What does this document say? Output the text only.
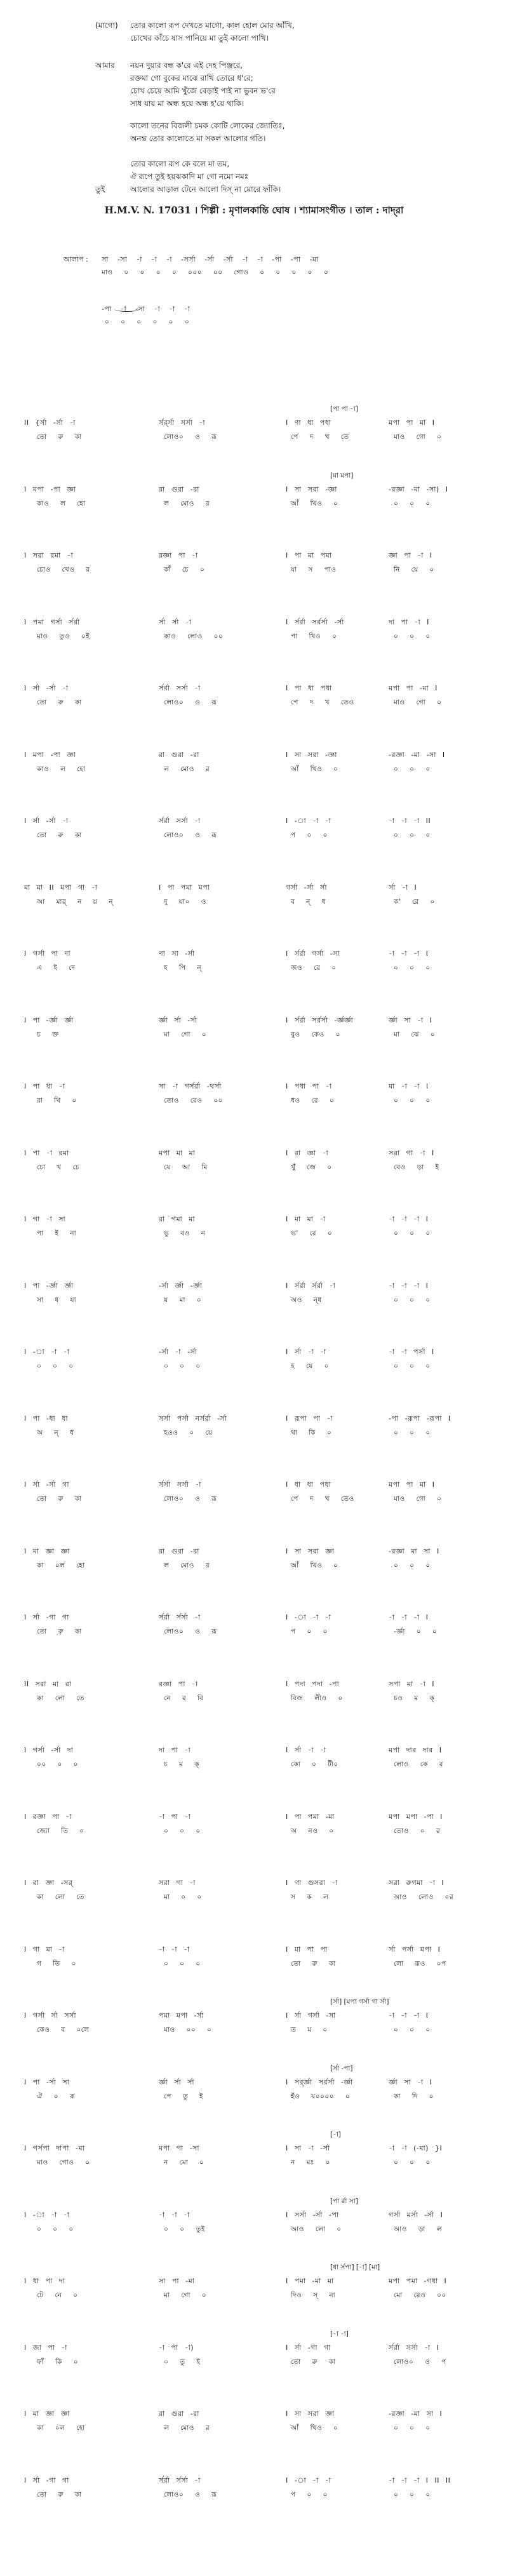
(মাগো) তোর কালো রূপ দেখতে মাগো, কাল হোল মোর আঁখি,
চোখের কাঁচে ষাস পানিয়ে মা তুই কালো পাখি।
আমার নয়ন দুয়ার বন্ধ ক'রে এই দেহ পিঞ্জরে,
রক্তমা গো বুকের মাঝে রাখি তোরে ধ'রে;
চোখ চেয়ে আমি খুঁজে বেড়াই পাই না ভুবন ভ'রে
সাধ যায় মা অন্ধ হয়ে অন্ধ হ'য়ে থাকি।
কালো তনের বিজলী চমক কোটি লোকের জ্যোতিঃ,
অনন্ত তোর কালোতে মা সকল আলোর গতি।
তোর কালো রূপ কে বলে মা তম,
ঐ রূপে তুই হয়ঝকাদি মা গো নমো নমঃ
তুই	আলোর আড়াল টেনে আলো দিস্ না মোরে ফাঁকি।
H.M.V. N. 17031 । শিল্পী : মৃণালকান্তি ঘোষ । শ্যামাসংগীত । তাল : দাদ্‌রা
আলাপ : সা -সা -া -া -া -সর্সা -র্সা -র্সা -া -া -পা -পা -মা
মাও ০ ০ ০ ০ ০০০ ০০ গোও ০ ০ ০ ০ ০
-পা -া -সা -া -া -া
০ ০ ০ ০ ০ ০
[পা পা -া]
II {র্সা -র্সা -া	র্সর্র্সা সর্সা -া	I ণা ধা পধা	মপা পা মা I
তো রু কা	লোও০ ও রূ	পে দ খ তে	মাও গো ০
[মা মপা]
I মপা -পা জ্ঞা	রা গুরা -রা	I সা সরা -জ্ঞা	-রজ্ঞা -মা -সা) I
কাও ল হো	ল মোও র	আঁ খিও ০	০ ০ ০
I সরা রমা -া	রজ্ঞা পা -া	I পা মা পমা	জ্ঞা পা -া I
চোও খেও র	কাঁ চে ০	যা স পাও	নি য়ে ০
I পমা গর্সা র্সর্রা	র্সা র্সা -া	I র্সর্রা সর্রর্সা -র্সা	দা পা -া I
মাও তুও ০ই	কাও লোও ০০	পা খিও ০	০ ০ ০
I র্সা -র্সা -া	র্সর্রা সর্সা -া	I পা ধা পধা	মপা পা -মা I
তো রু কা	লোও০ ও রূ	পে দ খ তেও	মাও গো ০
I মপা -পা জ্ঞা	রা গুরা -রা	I সা সরা -জ্ঞা	-রজ্ঞা -মা -সা I
কাও ল হো	ল মোও র	আঁ খিও ০	০ ০ ০
I র্সা -র্সা -া	র্সর্রা সর্সা -া	I -া -া -া	-া -া -া II
তো রু কা	লোও০ ও রূ	প ০ ০	০ ০ ০
মা মা II মপা গা -া	I পা পমা মপা	গর্সা -র্সা র্সা	র্সা -া I
আ মার্‌ ন য় ন্‌	দু য়া০ ও	ব ন্‌ ধ	ক' রে ০
I গর্সা পা দা	ণা সা -র্সা	I র্সর্রা গর্সা -সা	-া -া -া I
এ ই দে	হ পি ন্‌	জও রে ০	০ ০ ০
I পা -র্জ্ঞা র্জ্ঞা	র্জ্ঞা র্সা -র্সা	I র্সর্রা সর্রর্সা -র্জ্ঞর্জ্ঞা	র্জ্ঞা সা -া I
চ ক্ত	মা গো ০	বুও কেও ০	মা ঝে ০
I পা ধা -া	সা -া গর্সর্রা -থর্সা	I পধা পা -া	মা -া -া I
রা খি ০	তোও রেও ০০	ধও রে ০	০ ০ ০
I পা -া রমা	মপা মা মা	I রা জ্ঞা -া	সরা গা -া I
চো খ চে	য়ে আ মি	খুঁ জে ০	বেও ড়া ই
I গা -া সা	রা গমা মা	I মা মা -া	-া -া -া I
পা ই না	ভু বও ন	ভ' রে ০	০ ০ ০
I পা -র্জ্ঞা র্জ্ঞা	-র্সা র্জ্ঞা -র্জ্ঞা	I র্সর্রা র্সর্রা -া	-া -া -া I
সা ধ যা	য় মা ০	অও ন্‌ধ	০ ০ ০
I -া -া -া	-র্সা -া -র্সা	I র্সা -া -া	-া -া পর্সা I
০ ০ ০	০ ০ ০	হ য়ে ০	০ ০ ০
I পা -ধা ধা	সর্সা পর্সা নর্সর্রা -র্সা	I রূপা পা -া	-পা -রূপা -রূপা I
অ ন্ ধ	হওও ০ য়ে	থা কি ০	০ ০ ০
I র্সা -র্সা গা	র্সর্সা সর্সা -া	I ধা ধা পধা	মপা পা মা I
তো রু কা	লোও০ ও রূ	পে দ খ তেও	মাও গো ০
I মা জ্ঞা জ্ঞা	রা গুরা -রা	I সা সরা জ্ঞা	-রজ্ঞা মা সা I
কা ০ল হো	ল মোও র	আঁ খিও ০	০ ০ ০
I র্সা -গা গা	র্সর্রা র্সর্সা -া	I -া -া -া	-া -া -া I
তো রু কা	লোও০ ও রূ	প ০ ০	-র্জ্ঞা ০ ০
II সরা মা রা	রজ্ঞা পা -া	I পদা পদা -পা	সপা মা -া I
কা লো তে	নে র বি	বিজ লীও ০	চও ম ক্‌
I গর্সা -র্সা দা	দা পা -া	I র্সা -া -া	মপা দার দার I
০০ ০ ০	চ ম ক্‌	কো ০ টী০	লোও কে র
I রজ্ঞা পা -া	-া পা -া	I পা পমা -মা	মপা মপা -পা I
জ্যো তি ০	০ ০ ০	অ নও ০	তোও ০ র
I রা জ্ঞা -সর্‌	সরা গা -া	I গা গুসরা -া	সরা রুগমা -া I
কা লো তে	মা ০ ০	স ক ল	আও লোও ০র
I গা মা -া	-া -া -া	I মা পা পা	র্সা পর্সা মপা I
গ তি ০	০ ০ ০	তো রু কা	লো রূও ০প
[র্সা] [মপা গর্সা গা র্সা]
I গর্সা র্সা সর্সা	পমা মপা -র্সা	I র্সা গর্সা -সা	-া -া -া I
কেও ব ০লে	মাও ০০ ০	ত ম ০	০ ০ ০
[র্সা -পা]
I পা -র্সা সা	র্জ্ঞা র্সা র্সা	I সর্র্জ্ঞা সর্রর্সা -র্জ্ঞা	র্জ্ঞা সা -া I
ঐ ০ রূ	পে তু ই	হঁও য়০০০০ ০	কা দি ০
[-া]
I গর্সপা দাপা -মা	মপা গা -সা	I সা -া -র্সা	-া -া (-মা) }I
মাও গোও ০	ন মো ০	ন মঃ ০	০ ০ ০
[পা র্রা সা]
I -া -া -া	-া -া -া	I সর্সা -র্সা -পা	গর্সা মর্সা -র্সা I
০ ০ ০	০ ০ তুই	আও লো ০	আও ড়া ল
[ধা র্সপা] [-া] [মা]
I ধা পা দা	সা পা -মা	I পমা -মা মা	মপা পমা -গধা I
টে নে ০	মা গো ০	দিও স্‌ না	মো রেও ০০
[-া -া]
I জা পা -া	-া পা -া)	I র্সা -গা গা	র্সর্রা সর্সা -া I
ফাঁ কি ০	০ তু ই	তো রু কা	লোও০ ও প
I মা জ্ঞা জ্ঞা	রা গুরা -রা	I সা সরা জ্ঞা	-রজ্ঞা -মা সা I
কা ০ল হো	ল মোও র	আঁ খিও ০	০ ০ ০
I র্সা -গা গা	র্সর্রা র্সর্সা -া	I -া -া -া	-া -া -া I II II
তো রু কা	লোও০ ও রূ	প ০ ০	০ ০ ০
